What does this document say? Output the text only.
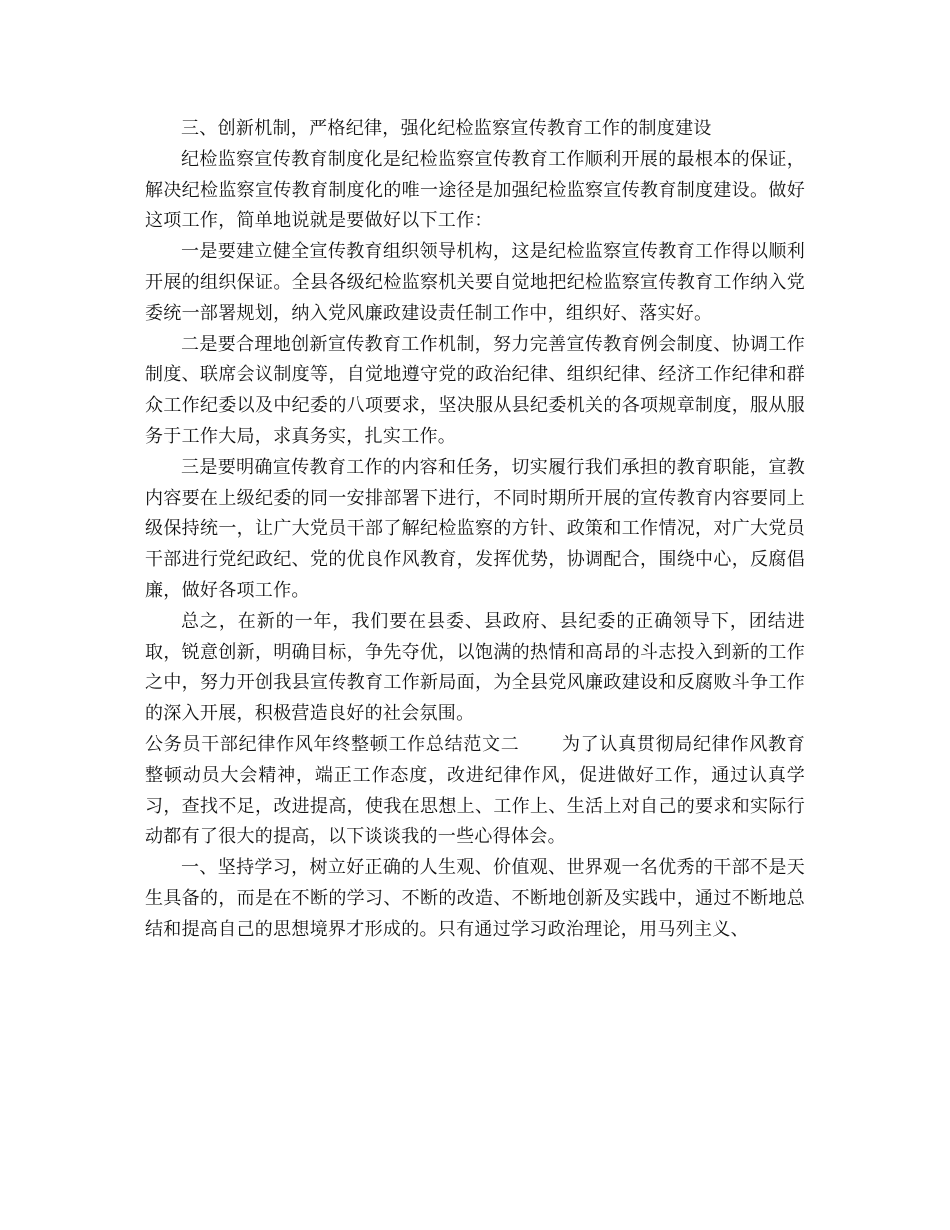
三、创新机制，严格纪律，强化纪检监察宣传教育工作的制度建设

纪检监察宣传教育制度化是纪检监察宣传教育工作顺利开展的最根本的保证，解决纪检监察宣传教育制度化的唯一途径是加强纪检监察宣传教育制度建设。做好这项工作，简单地说就是要做好以下工作：

一是要建立健全宣传教育组织领导机构，这是纪检监察宣传教育工作得以顺利开展的组织保证。全县各级纪检监察机关要自觉地把纪检监察宣传教育工作纳入党委统一部署规划，纳入党风廉政建设责任制工作中，组织好、落实好。

二是要合理地创新宣传教育工作机制，努力完善宣传教育例会制度、协调工作制度、联席会议制度等，自觉地遵守党的政治纪律、组织纪律、经济工作纪律和群众工作纪委以及中纪委的八项要求，坚决服从县纪委机关的各项规章制度，服从服务于工作大局，求真务实，扎实工作。

三是要明确宣传教育工作的内容和任务，切实履行我们承担的教育职能，宣教内容要在上级纪委的同一安排部署下进行，不同时期所开展的宣传教育内容要同上级保持统一，让广大党员干部了解纪检监察的方针、政策和工作情况，对广大党员干部进行党纪政纪、党的优良作风教育，发挥优势，协调配合，围绕中心，反腐倡廉，做好各项工作。

总之，在新的一年，我们要在县委、县政府、县纪委的正确领导下，团结进取，锐意创新，明确目标，争先夺优，以饱满的热情和高昂的斗志投入到新的工作之中，努力开创我县宣传教育工作新局面，为全县党风廉政建设和反腐败斗争工作的深入开展，积极营造良好的社会氛围。

公务员干部纪律作风年终整顿工作总结范文二 为了认真贯彻局纪律作风教育整顿动员大会精神，端正工作态度，改进纪律作风，促进做好工作，通过认真学习，查找不足，改进提高，使我在思想上、工作上、生活上对自己的要求和实际行动都有了很大的提高，以下谈谈我的一些心得体会。

一、坚持学习，树立好正确的人生观、价值观、世界观一名优秀的干部不是天生具备的，而是在不断的学习、不断的改造、不断地创新及实践中，通过不断地总结和提高自己的思想境界才形成的。只有通过学习政治理论，用马列主义、
